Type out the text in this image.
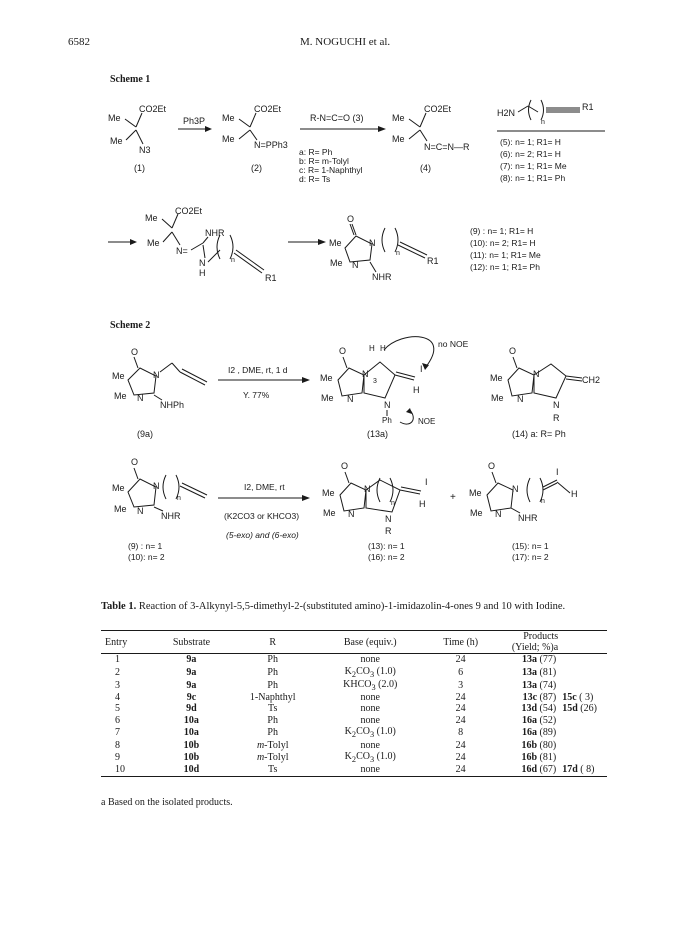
6582	M. NOGUCHI et al.
Scheme 1
Me
Me
CO2Et
N3
(1)
Ph3P Me
Me
CO2Et
N=PPh3
(2)
R-N=C=O (3)
a: R= Ph
b: R= m-Tolyl
c: R= 1-Naphthyl
d: R= Ts
Me
Me
CO2Et
N=C=N—R
(4)
H2N
n
R1
(5): n= 1; R1= H
(6): n= 2; R1= H
(7): n= 1; R1= Me
(8): n= 1; R1= Ph
Me
Me
CO2Et
N=
NHR
N
H
n
R1
O
Me
Me
N
N
NHR
n
R1
(9) : n= 1; R1= H
(10): n= 2; R1= H
(11): n= 1; R1= Me
(12): n= 1; R1= Ph
O
Me
Me
N
N
NHPh
(9a)
I2 , DME, rt, 1 d
Y. 77%
O
Me
Me
N
N
H H
3
H
I
N
Ph
no NOE
NOE
(13a)
O
Me
Me
N
N
CH2
N
R
(14) a: R= Ph
O
Me
Me
N
N NHR
n
(9) : n= 1
(10): n= 2
I2, DME, rt
(K2CO3 or KHCO3)
(5-exo) and (6-exo)
O
Me
Me
N
N
n	H
I
N
R
(13): n= 1
(16): n= 2
+
O
Me
Me
N
N NHR
n
H
I
(15): n= 1
(17): n= 2
Scheme 2
Table 1. Reaction of 3-Alkynyl-5,5-dimethyl-2-(substituted amino)-1-imidazolin-4-ones 9 and 10 with Iodine.
Entry	Substrate	R	Base (equiv.)	Time (h)	Products (Yield; %)a	
1	9a	Ph	none	24	13a (77)	
2	9a	Ph	$K_2CO_3$ (1.0)	6	13a (81)	
3	9a	Ph	$KHCO_3$ (2.0)	3	13a (74)	
4	9c	1-Naphthyl	none	24	13c (87)	15c ( 3)
5	9d	Ts	none	24	13d (54)	15d (26)
6	10a	Ph	none	24	16a (52)	
7	10a	Ph	$K_2CO_3$ (1.0)	8	16a (89)	
8	10b	m-Tolyl	none	24	16b (80)	
9	10b	m-Tolyl	$K_2CO_3$ (1.0)	24	16b (81)	
10	10d	Ts	none	24	16d (67)	17d ( 8)
a Based on the isolated products.
